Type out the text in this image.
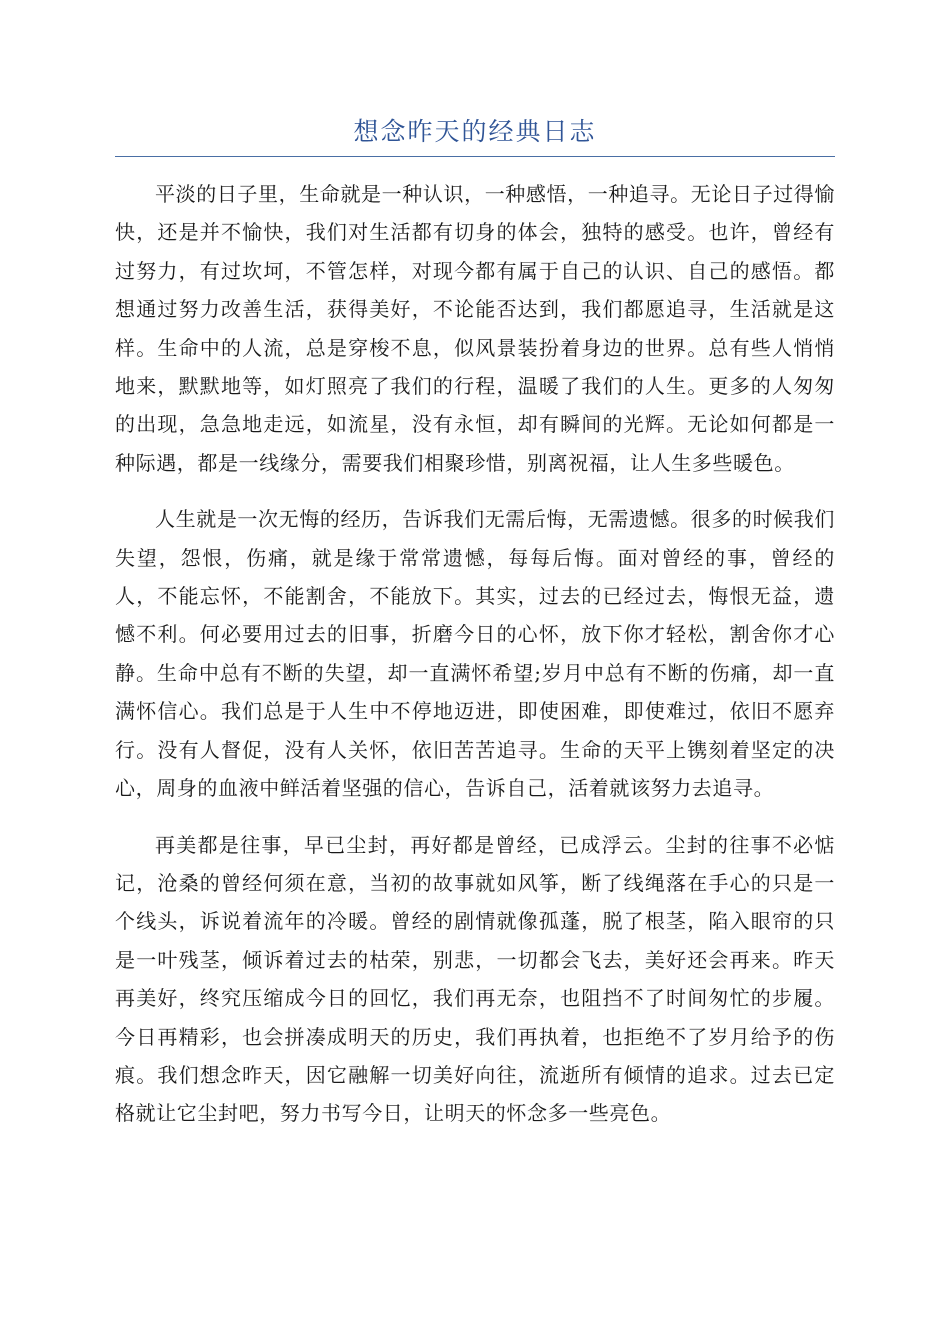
想念昨天的经典日志

平淡的日子里，生命就是一种认识，一种感悟，一种追寻。无论日子过得愉快，还是并不愉快，我们对生活都有切身的体会，独特的感受。也许，曾经有过努力，有过坎坷，不管怎样，对现今都有属于自己的认识、自己的感悟。都想通过努力改善生活，获得美好，不论能否达到，我们都愿追寻，生活就是这样。生命中的人流，总是穿梭不息，似风景装扮着身边的世界。总有些人悄悄地来，默默地等，如灯照亮了我们的行程，温暖了我们的人生。更多的人匆匆的出现，急急地走远，如流星，没有永恒，却有瞬间的光辉。无论如何都是一种际遇，都是一线缘分，需要我们相聚珍惜，别离祝福，让人生多些暖色。

人生就是一次无悔的经历，告诉我们无需后悔，无需遗憾。很多的时候我们失望，怨恨，伤痛，就是缘于常常遗憾，每每后悔。面对曾经的事，曾经的人，不能忘怀，不能割舍，不能放下。其实，过去的已经过去，悔恨无益，遗憾不利。何必要用过去的旧事，折磨今日的心怀，放下你才轻松，割舍你才心静。生命中总有不断的失望，却一直满怀希望;岁月中总有不断的伤痛，却一直满怀信心。我们总是于人生中不停地迈进，即使困难，即使难过，依旧不愿弃行。没有人督促，没有人关怀，依旧苦苦追寻。生命的天平上镌刻着坚定的决心，周身的血液中鲜活着坚强的信心，告诉自己，活着就该努力去追寻。

再美都是往事，早已尘封，再好都是曾经，已成浮云。尘封的往事不必惦记，沧桑的曾经何须在意，当初的故事就如风筝，断了线绳落在手心的只是一个线头，诉说着流年的冷暖。曾经的剧情就像孤蓬，脱了根茎，陷入眼帘的只是一叶残茎，倾诉着过去的枯荣，别悲，一切都会飞去，美好还会再来。昨天再美好，终究压缩成今日的回忆，我们再无奈，也阻挡不了时间匆忙的步履。今日再精彩，也会拼凑成明天的历史，我们再执着，也拒绝不了岁月给予的伤痕。我们想念昨天，因它融解一切美好向往，流逝所有倾情的追求。过去已定格就让它尘封吧，努力书写今日，让明天的怀念多一些亮色。
